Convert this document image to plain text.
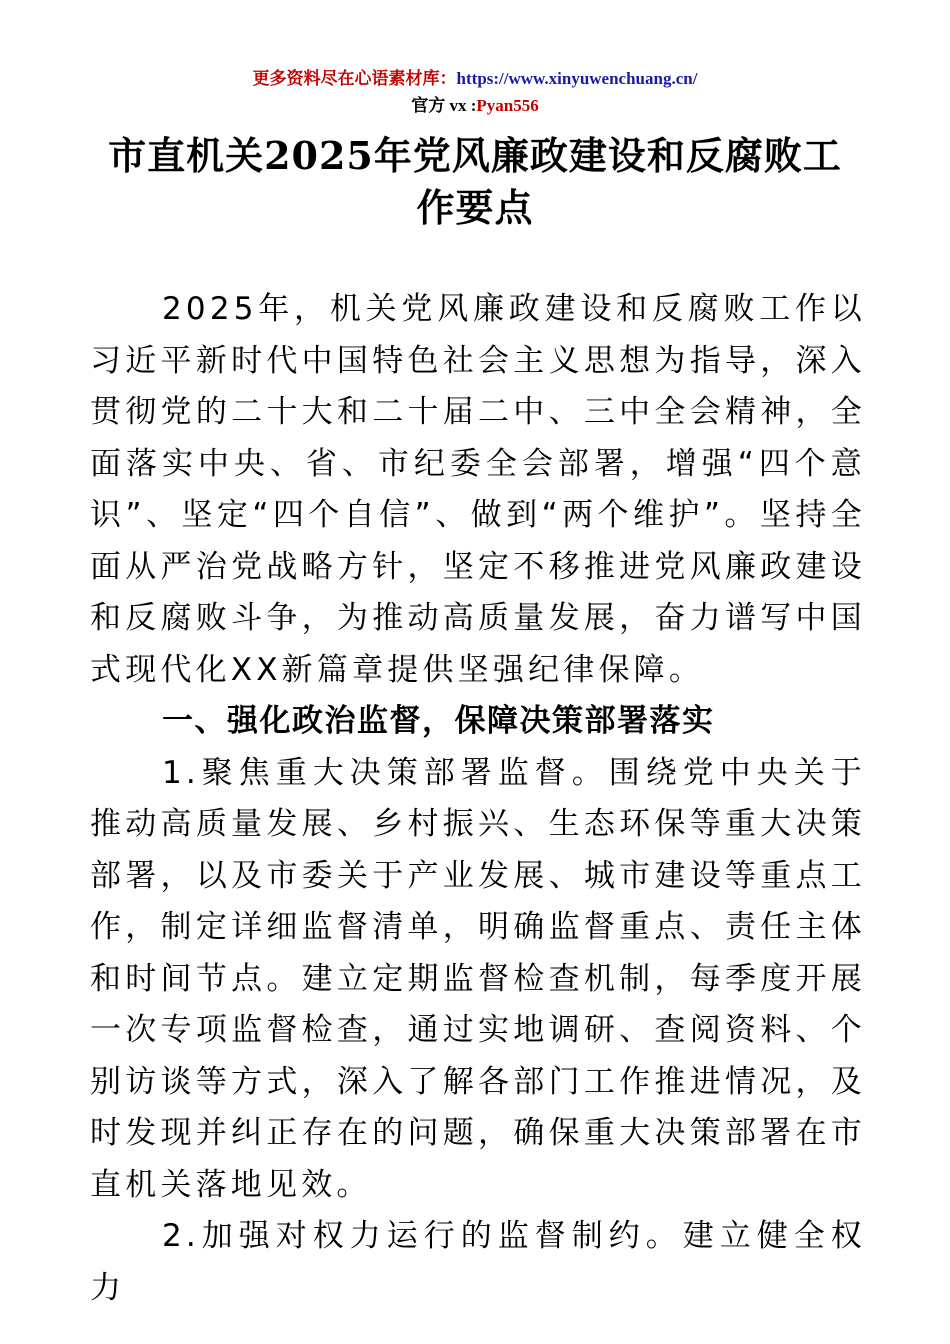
更多资料尽在心语素材库：https://www.xinyuwenchuang.cn/
官方 vx :Pyan556
市直机关2025年党风廉政建设和反腐败工作要点

2025年，机关党风廉政建设和反腐败工作以习近平新时代中国特色社会主义思想为指导，深入贯彻党的二十大和二十届二中、三中全会精神，全面落实中央、省、市纪委全会部署，增强“四个意识”、坚定“四个自信”、做到“两个维护”。坚持全面从严治党战略方针，坚定不移推进党风廉政建设和反腐败斗争，为推动高质量发展，奋力谱写中国式现代化XX新篇章提供坚强纪律保障。

一、强化政治监督，保障决策部署落实

1.聚焦重大决策部署监督。围绕党中央关于推动高质量发展、乡村振兴、生态环保等重大决策部署，以及市委关于产业发展、城市建设等重点工作，制定详细监督清单，明确监督重点、责任主体和时间节点。建立定期监督检查机制，每季度开展一次专项监督检查，通过实地调研、查阅资料、个别访谈等方式，深入了解各部门工作推进情况，及时发现并纠正存在的问题，确保重大决策部署在市直机关落地见效。

2.加强对权力运行的监督制约。建立健全权力
